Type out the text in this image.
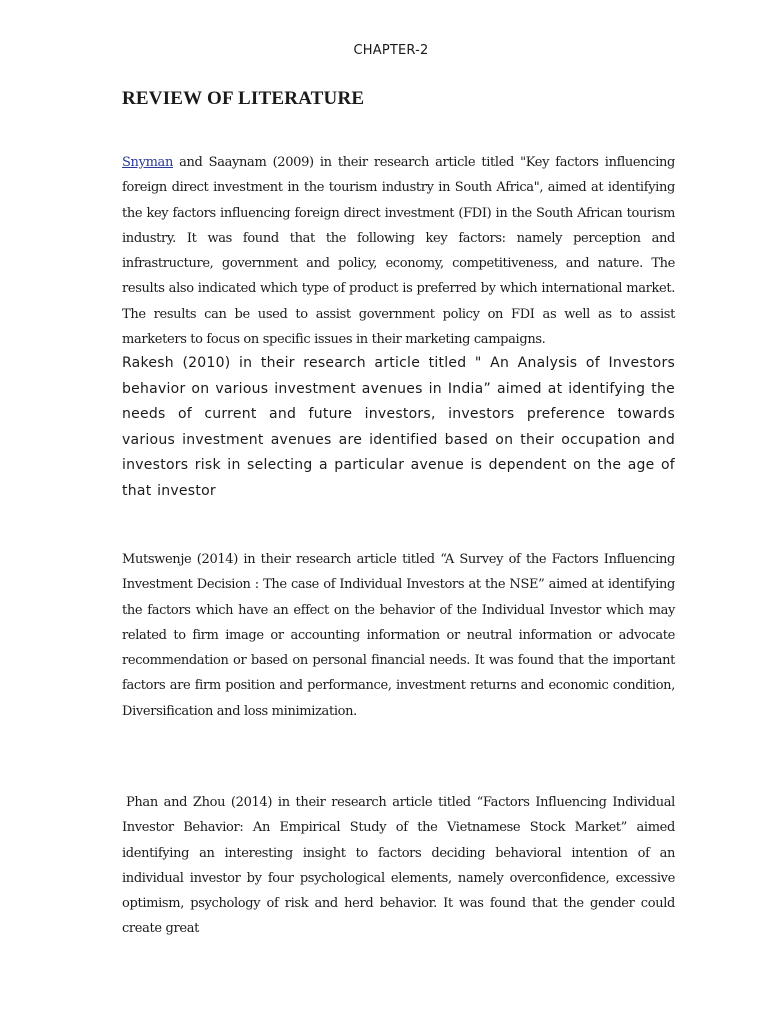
CHAPTER-2
REVIEW OF LITERATURE

Snyman and Saaynam (2009) in their research article titled "Key factors influencing foreign direct investment in the tourism industry in South Africa", aimed at identifying the key factors influencing foreign direct investment (FDI) in the South African tourism industry. It was found that the following key factors: namely perception and infrastructure, government and policy, economy, competitiveness, and nature. The results also indicated which type of product is preferred by which international market. The results can be used to assist government policy on FDI as well as to assist marketers to focus on specific issues in their marketing campaigns.

Rakesh (2010) in their research article titled " An Analysis of Investors behavior on various investment avenues in India” aimed at identifying the needs of current and future investors, investors preference towards various investment avenues are identified based on their occupation and investors risk in selecting a particular avenue is dependent on the age of that investor

Mutswenje (2014) in their research article titled “A Survey of the Factors Influencing Investment Decision : The case of Individual Investors at the NSE” aimed at identifying the factors which have an effect on the behavior of the Individual Investor which may related to firm image or accounting information or neutral information or advocate recommendation or based on personal financial needs. It was found that the important factors are firm position and performance, investment returns and economic condition, Diversification and loss minimization.

Phan and Zhou (2014) in their research article titled “Factors Influencing Individual Investor Behavior: An Empirical Study of the Vietnamese Stock Market” aimed identifying an interesting insight to factors deciding behavioral intention of an individual investor by four psychological elements, namely overconfidence, excessive optimism, psychology of risk and herd behavior. It was found that the gender could create great
